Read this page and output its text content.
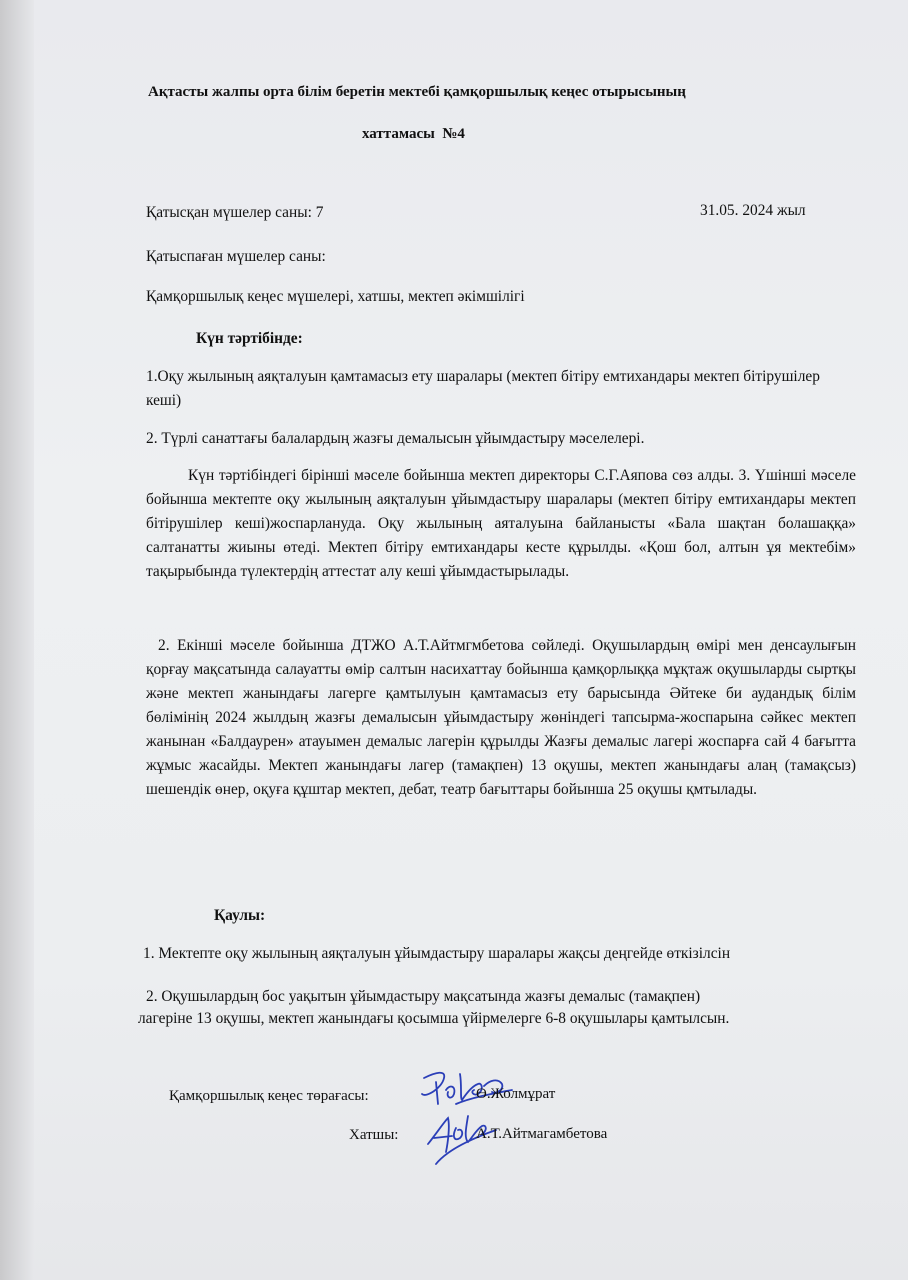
Ақтасты жалпы орта білім беретін мектебі қамқоршылық кеңес отырысының
хаттамасы  №4
Қатысқан мүшелер саны: 7	31.05. 2024 жыл
Қатыспаған мүшелер саны:
Қамқоршылық кеңес мүшелері, хатшы, мектеп әкімшілігі
Күн тәртібінде:
1.Оқу жылының аяқталуын қамтамасыз ету шаралары (мектеп бітіру емтихандары мектеп бітірушілер кеші)
2. Түрлі санаттағы балалардың жазғы демалысын ұйымдастыру мәселелері.
Күн тәртібіндегі бірінші мәселе бойынша мектеп директоры С.Г.Аяпова сөз алды. 3. Үшінші мәселе бойынша мектепте оқу жылының аяқталуын ұйымдастыру шаралары (мектеп бітіру емтихандары мектеп бітірушілер кеші)жоспарлануда. Оқу жылының аяталуына байланысты «Бала шақтан болашаққа» салтанатты жиыны өтеді. Мектеп бітіру емтихандары кесте құрылды. «Қош бол, алтын ұя мектебім» тақырыбында түлектердің аттестат алу кеші ұйымдастырылады.
2. Екінші мәселе бойынша ДТЖО А.Т.Айтмгмбетова сөйледі. Оқушылардың өмірі мен денсаулығын қорғау мақсатында салауатты өмір салтын насихаттау бойынша қамқорлыққа мұқтаж оқушыларды сыртқы және мектеп жанындағы лагерге қамтылуын қамтамасыз ету барысында Әйтеке би аудандық білім бөлімінің 2024 жылдың жазғы демалысын ұйымдастыру жөніндегі тапсырма-жоспарына сәйкес мектеп жанынан «Балдаурен» атауымен демалыс лагерін құрылды Жазғы демалыс лагері жоспарға сай 4 бағытта жұмыс жасайды. Мектеп жанындағы лагер (тамақпен) 13 оқушы, мектеп жанындағы алаң (тамақсыз) шешендік өнер, оқуға құштар мектеп, дебат, театр бағыттары бойынша 25 оқушы қмтылады.
Қаулы:
1. Мектепте оқу жылының аяқталуын ұйымдастыру шаралары жақсы деңгейде өткізілсін
2. Оқушылардың бос уақытын ұйымдастыру мақсатында жазғы демалыс (тамақпен)
лагеріне 13 оқушы, мектеп жанындағы қосымша үйірмелерге 6-8 оқушылары қамтылсын.
Қамқоршылық кеңес төрағасы:	Ө.Жолмұрат
Хатшы:	А.Т.Айтмагамбетова
